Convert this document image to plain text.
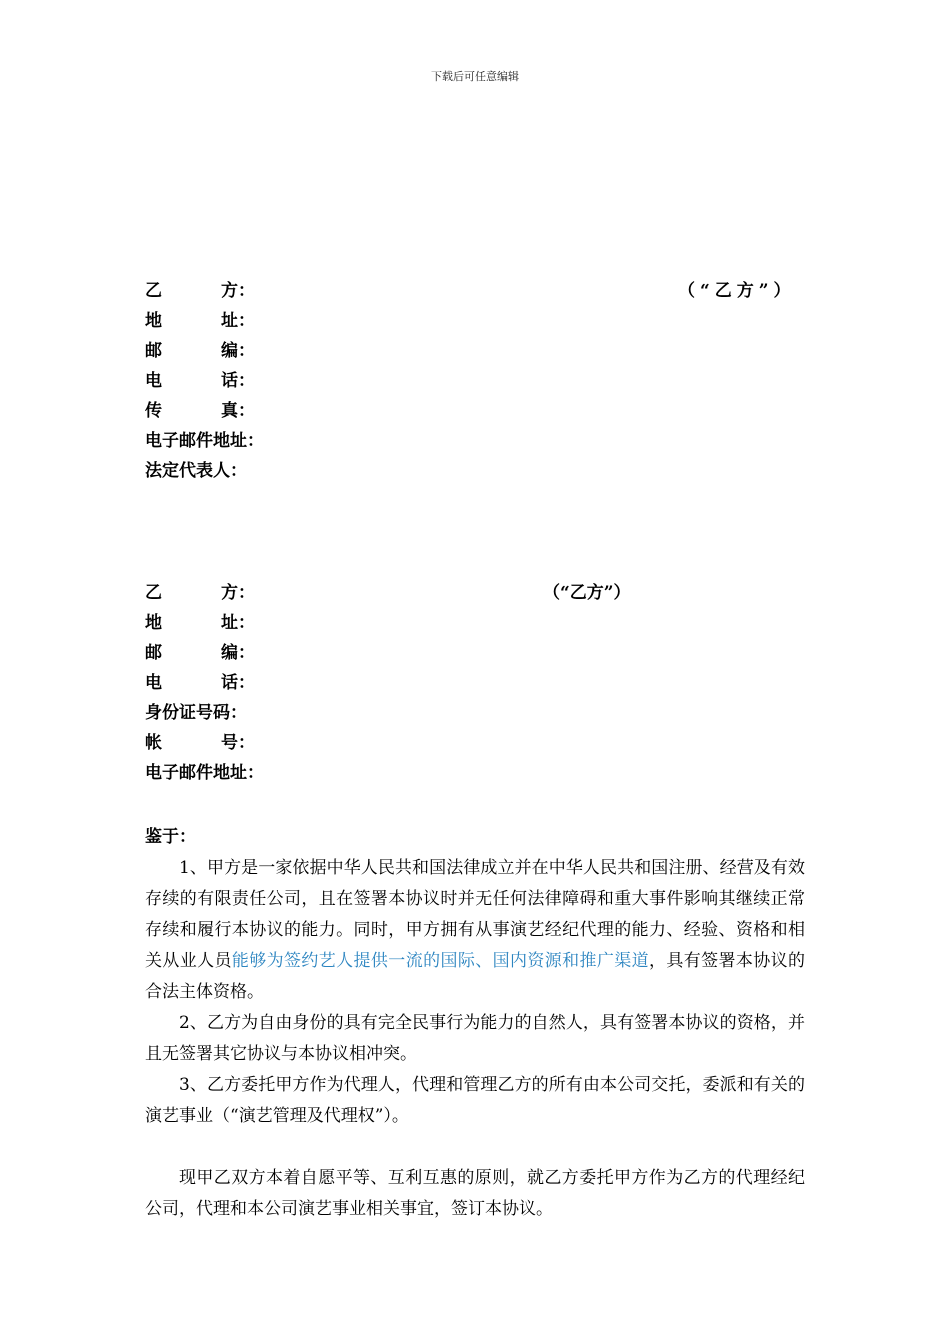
下载后可任意编辑
乙	方：	（“乙方”）
地	址：
邮	编：
电	话：
传	真：
电子邮件地址：
法定代表人：
乙	方：	（“乙方”）
地	址：
邮	编：
电	话：
身份证号码：
帐	号：
电子邮件地址：

鉴于：

1、甲方是一家依据中华人民共和国法律成立并在中华人民共和国注册、经营及有效存续的有限责任公司，且在签署本协议时并无任何法律障碍和重大事件影响其继续正常存续和履行本协议的能力。同时，甲方拥有从事演艺经纪代理的能力、经验、资格和相关从业人员能够为签约艺人提供一流的国际、国内资源和推广渠道，具有签署本协议的合法主体资格。

2、乙方为自由身份的具有完全民事行为能力的自然人，具有签署本协议的资格，并且无签署其它协议与本协议相冲突。

3、乙方委托甲方作为代理人，代理和管理乙方的所有由本公司交托，委派和有关的演艺事业（“演艺管理及代理权”）。

现甲乙双方本着自愿平等、互利互惠的原则，就乙方委托甲方作为乙方的代理经纪公司，代理和本公司演艺事业相关事宜，签订本协议。
